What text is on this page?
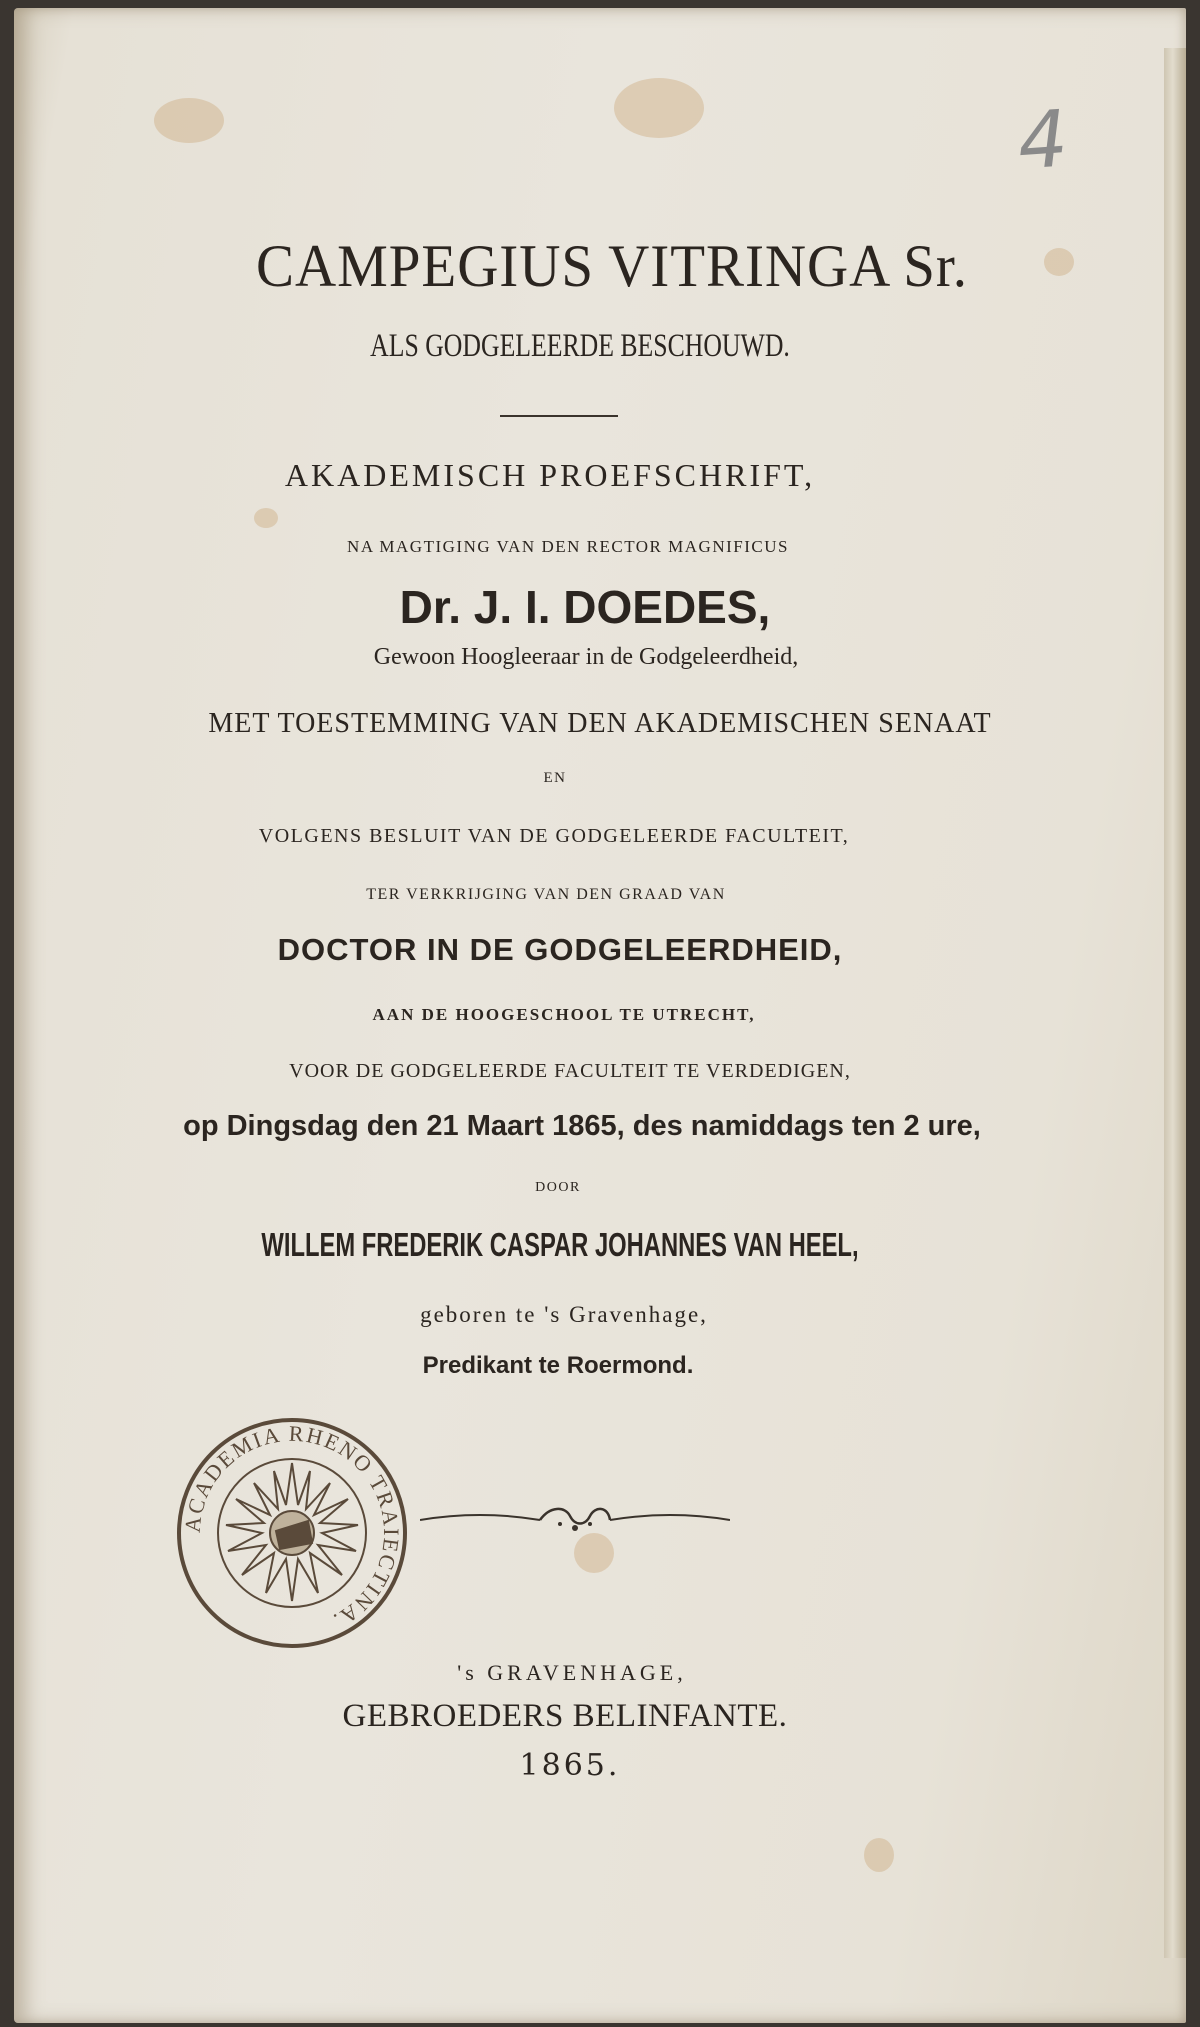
4
CAMPEGIUS VITRINGA Sr.
ALS GODGELEERDE BESCHOUWD.
AKADEMISCH PROEFSCHRIFT,
NA MAGTIGING VAN DEN RECTOR MAGNIFICUS
Dr. J. I. DOEDES,
Gewoon Hoogleeraar in de Godgeleerdheid,
MET TOESTEMMING VAN DEN AKADEMISCHEN SENAAT
EN
VOLGENS BESLUIT VAN DE GODGELEERDE FACULTEIT,
TER VERKRIJGING VAN DEN GRAAD VAN
DOCTOR IN DE GODGELEERDHEID,
AAN DE HOOGESCHOOL TE UTRECHT,
VOOR DE GODGELEERDE FACULTEIT TE VERDEDIGEN,
op Dingsdag den 21 Maart 1865, des namiddags ten 2 ure,
DOOR
WILLEM FREDERIK CASPAR JOHANNES VAN HEEL,
geboren te 's Gravenhage,
Predikant te Roermond.
ACADEMIA RHENO TRAIECTINA.
's GRAVENHAGE,
GEBROEDERS BELINFANTE.
1865.
